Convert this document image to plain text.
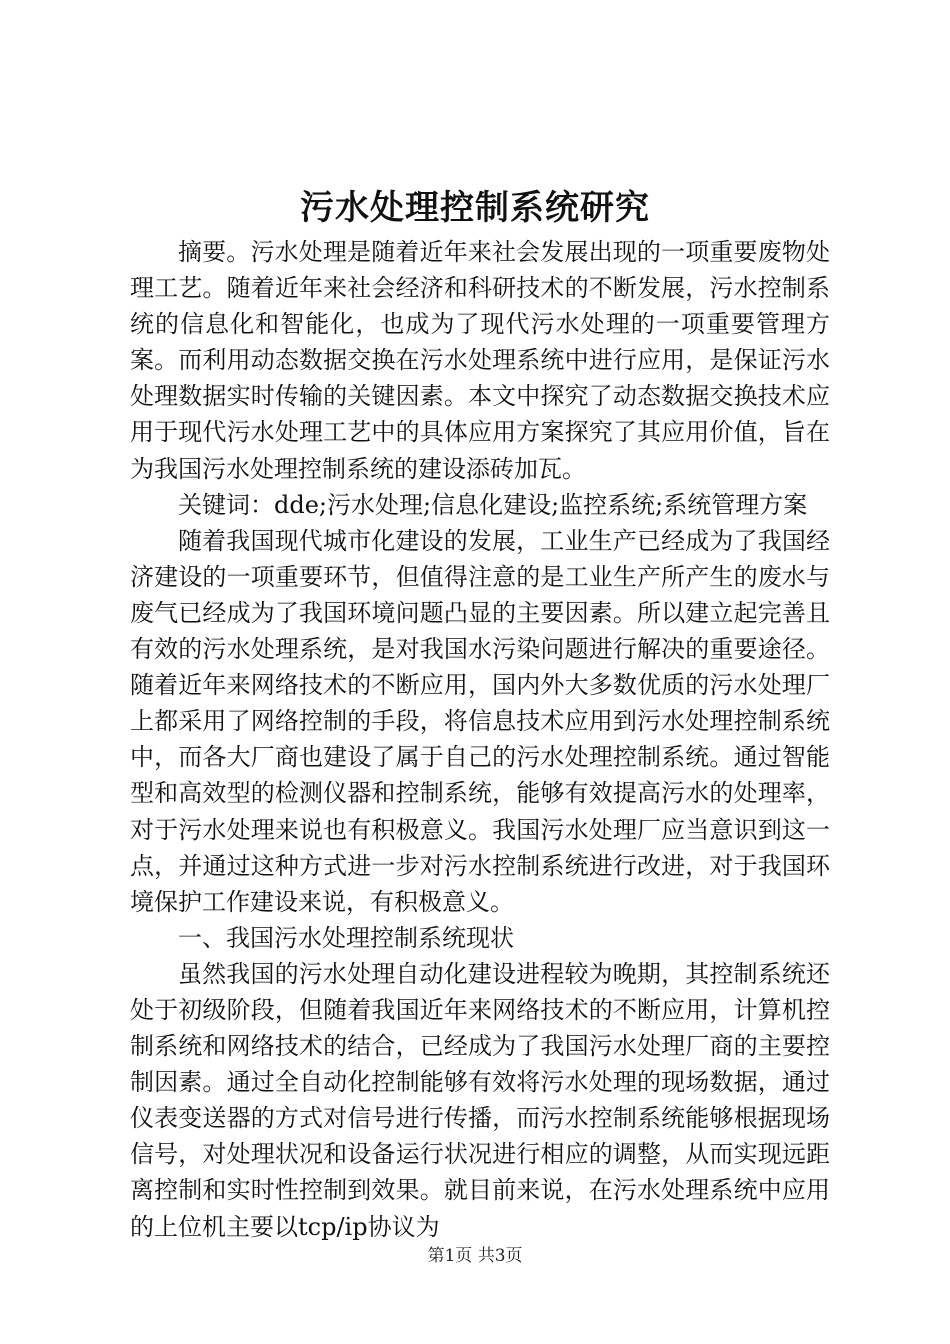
污水处理控制系统研究

摘要。污水处理是随着近年来社会发展出现的一项重要废物处理工艺。随着近年来社会经济和科研技术的不断发展，污水控制系统的信息化和智能化，也成为了现代污水处理的一项重要管理方案。而利用动态数据交换在污水处理系统中进行应用，是保证污水处理数据实时传输的关键因素。本文中探究了动态数据交换技术应用于现代污水处理工艺中的具体应用方案探究了其应用价值，旨在为我国污水处理控制系统的建设添砖加瓦。

关键词：dde;污水处理;信息化建设;监控系统;系统管理方案

随着我国现代城市化建设的发展，工业生产已经成为了我国经济建设的一项重要环节，但值得注意的是工业生产所产生的废水与废气已经成为了我国环境问题凸显的主要因素。所以建立起完善且有效的污水处理系统，是对我国水污染问题进行解决的重要途径。随着近年来网络技术的不断应用，国内外大多数优质的污水处理厂上都采用了网络控制的手段，将信息技术应用到污水处理控制系统中，而各大厂商也建设了属于自己的污水处理控制系统。通过智能型和高效型的检测仪器和控制系统，能够有效提高污水的处理率，对于污水处理来说也有积极意义。我国污水处理厂应当意识到这一点，并通过这种方式进一步对污水控制系统进行改进，对于我国环境保护工作建设来说，有积极意义。

一、我国污水处理控制系统现状

虽然我国的污水处理自动化建设进程较为晚期，其控制系统还处于初级阶段，但随着我国近年来网络技术的不断应用，计算机控制系统和网络技术的结合，已经成为了我国污水处理厂商的主要控制因素。通过全自动化控制能够有效将污水处理的现场数据，通过仪表变送器的方式对信号进行传播，而污水控制系统能够根据现场信号，对处理状况和设备运行状况进行相应的调整，从而实现远距离控制和实时性控制到效果。就目前来说，在污水处理系统中应用的上位机主要以tcp/ip协议为

第1页 共3页
